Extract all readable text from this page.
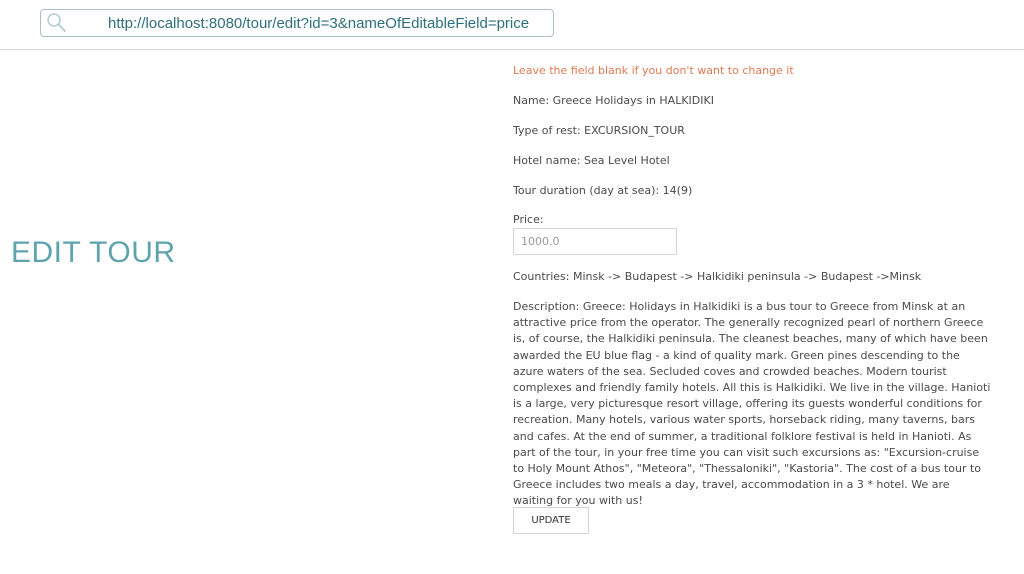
http://localhost:8080/tour/edit?id=3&nameOfEditableField=price
EDIT TOUR
Leave the field blank if you don't want to change it
Name: Greece Holidays in HALKIDIKI
Type of rest: EXCURSION_TOUR
Hotel name: Sea Level Hotel
Tour duration (day at sea): 14(9)
Price:
1000.0
Countries: Minsk -> Budapest -> Halkidiki peninsula -> Budapest ->Minsk
Description: Greece: Holidays in Halkidiki is a bus tour to Greece from Minsk at an attractive price from the operator. The generally recognized pearl of northern Greece is, of course, the Halkidiki peninsula. The cleanest beaches, many of which have been awarded the EU blue flag - a kind of quality mark. Green pines descending to the azure waters of the sea. Secluded coves and crowded beaches. Modern tourist complexes and friendly family hotels. All this is Halkidiki. We live in the village. Hanioti is a large, very picturesque resort village, offering its guests wonderful conditions for recreation. Many hotels, various water sports, horseback riding, many taverns, bars and cafes. At the end of summer, a traditional folklore festival is held in Hanioti. As part of the tour, in your free time you can visit such excursions as: "Excursion-cruise to Holy Mount Athos", "Meteora", "Thessaloniki", "Kastoria". The cost of a bus tour to Greece includes two meals a day, travel, accommodation in a 3 * hotel. We are waiting for you with us!
UPDATE
